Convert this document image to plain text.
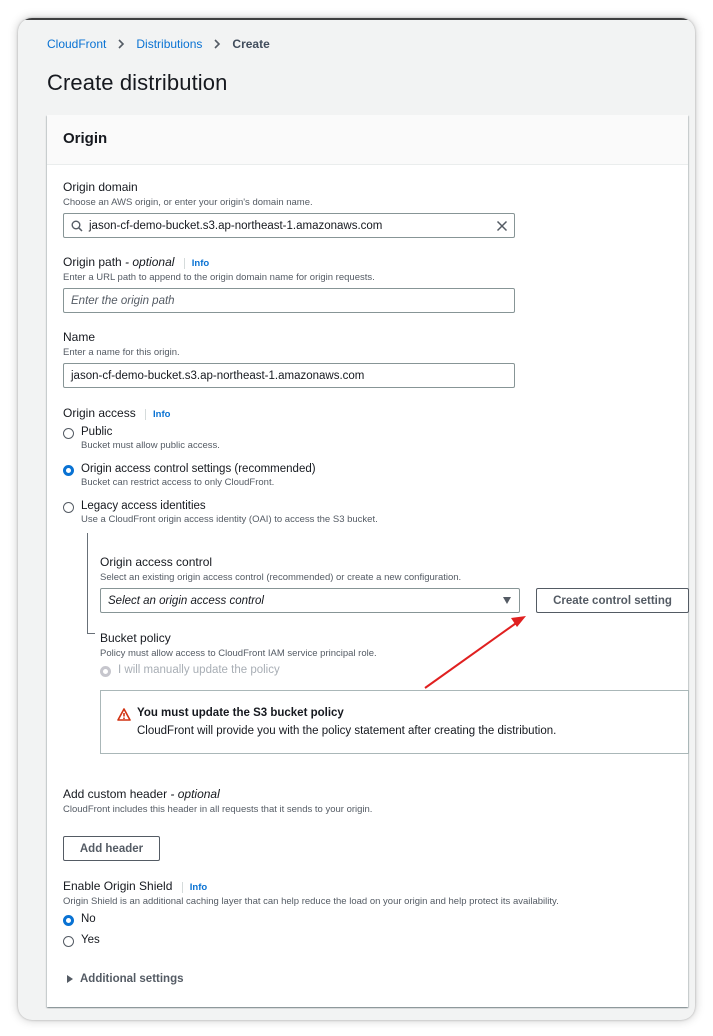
CloudFront	Distributions	Create
Create distribution
Origin
Origin domain
Choose an AWS origin, or enter your origin's domain name.
jason-cf-demo-bucket.s3.ap-northeast-1.amazonaws.com
Origin path - optional Info
Enter a URL path to append to the origin domain name for origin requests.
Enter the origin path
Name
Enter a name for this origin.
jason-cf-demo-bucket.s3.ap-northeast-1.amazonaws.com
Origin access Info
Public
Bucket must allow public access.
Origin access control settings (recommended)
Bucket can restrict access to only CloudFront.
Legacy access identities
Use a CloudFront origin access identity (OAI) to access the S3 bucket.
Origin access control
Select an existing origin access control (recommended) or create a new configuration.
Select an origin access control	Create control setting
Bucket policy
Policy must allow access to CloudFront IAM service principal role.
I will manually update the policy
You must update the S3 bucket policy
CloudFront will provide you with the policy statement after creating the distribution.
Add custom header - optional
CloudFront includes this header in all requests that it sends to your origin.
Add header
Enable Origin Shield Info
Origin Shield is an additional caching layer that can help reduce the load on your origin and help protect its availability.
No
Yes
Additional settings
